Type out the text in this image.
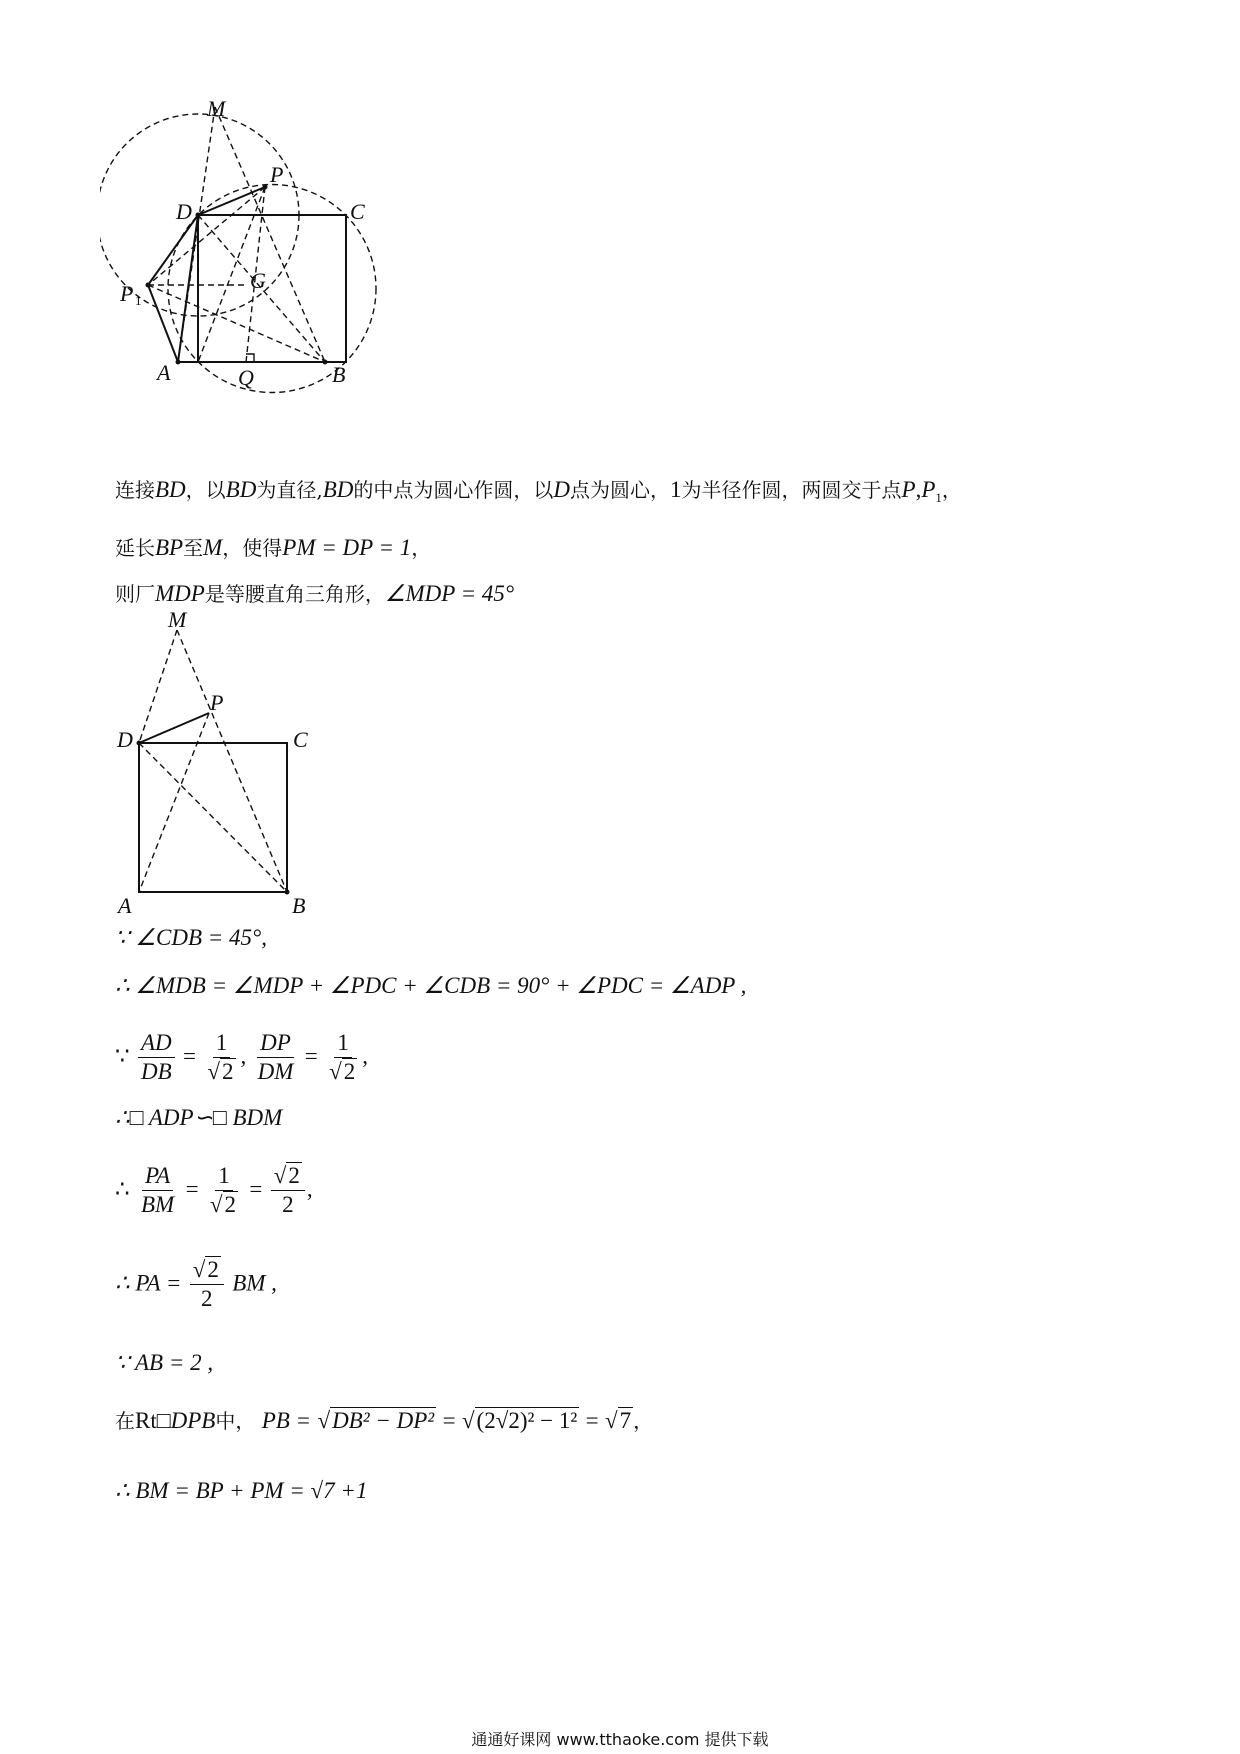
M
P
C
D
G
P 1
A	Q	B
连接BD，以BD为直径,BD的中点为圆心作圆，以D点为圆心，1为半径作圆，两圆交于点$P,P_1$，
延长BP至M，使得PM = DP = 1，
则厂MDP是等腰直角三角形，∠MDP = 45°
M
P
D	C
A	B
∵ ∠CDB = 45°,
∴ ∠MDB = ∠MDP + ∠PDC + ∠CDB = 90° + ∠PDC = ∠ADP ,
∵ $\frac{AD}{DB} = \frac{1}{√2}$ , $\frac{DP}{DM} = \frac{1}{√2}$ ,
∴□ ADP∽□ BDM
∴ $\frac{PA}{BM} = \frac{1}{√2} = \frac{√2}{2}$ ,
∴ PA = $\frac{√2}{2}$ BM ,
∵ AB = 2 ,
在Rt□DPB中， PB = √DB² − DP² = √(2√2)² − 1² = √7 ，
∴ BM = BP + PM = √7 +1
通通好课网 www.tthaoke.com 提供下载
